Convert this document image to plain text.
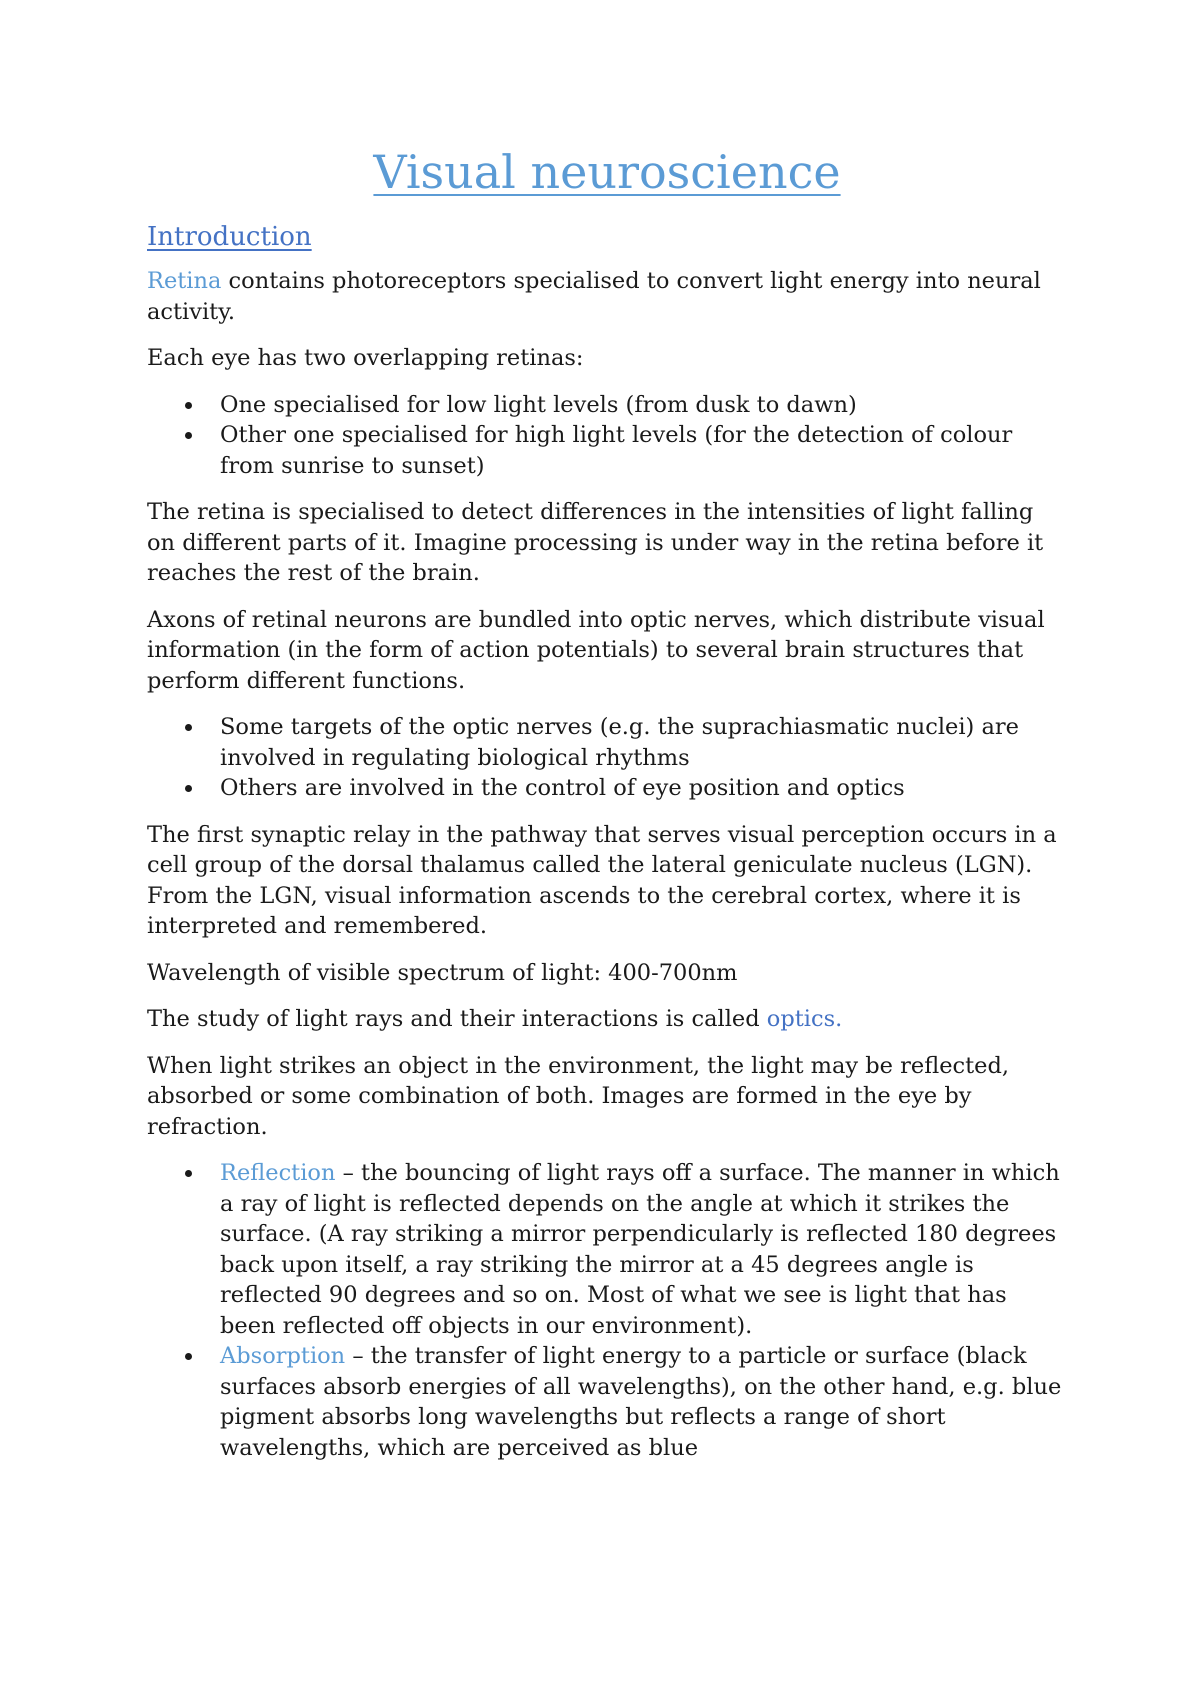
Visual neuroscience
Introduction

Retina contains photoreceptors specialised to convert light energy into neural activity.

Each eye has two overlapping retinas:

One specialised for low light levels (from dusk to dawn)
Other one specialised for high light levels (for the detection of colour from sunrise to sunset)

The retina is specialised to detect differences in the intensities of light falling on different parts of it. Imagine processing is under way in the retina before it reaches the rest of the brain.

Axons of retinal neurons are bundled into optic nerves, which distribute visual information (in the form of action potentials) to several brain structures that perform different functions.

Some targets of the optic nerves (e.g. the suprachiasmatic nuclei) are involved in regulating biological rhythms
Others are involved in the control of eye position and optics

The first synaptic relay in the pathway that serves visual perception occurs in a cell group of the dorsal thalamus called the lateral geniculate nucleus (LGN). From the LGN, visual information ascends to the cerebral cortex, where it is interpreted and remembered.

Wavelength of visible spectrum of light: 400-700nm

The study of light rays and their interactions is called optics.

When light strikes an object in the environment, the light may be reflected, absorbed or some combination of both. Images are formed in the eye by refraction.

Reflection – the bouncing of light rays off a surface. The manner in which a ray of light is reflected depends on the angle at which it strikes the surface. (A ray striking a mirror perpendicularly is reflected 180 degrees back upon itself, a ray striking the mirror at a 45 degrees angle is reflected 90 degrees and so on. Most of what we see is light that has been reflected off objects in our environment).
Absorption – the transfer of light energy to a particle or surface (black surfaces absorb energies of all wavelengths), on the other hand, e.g. blue pigment absorbs long wavelengths but reflects a range of short wavelengths, which are perceived as blue
